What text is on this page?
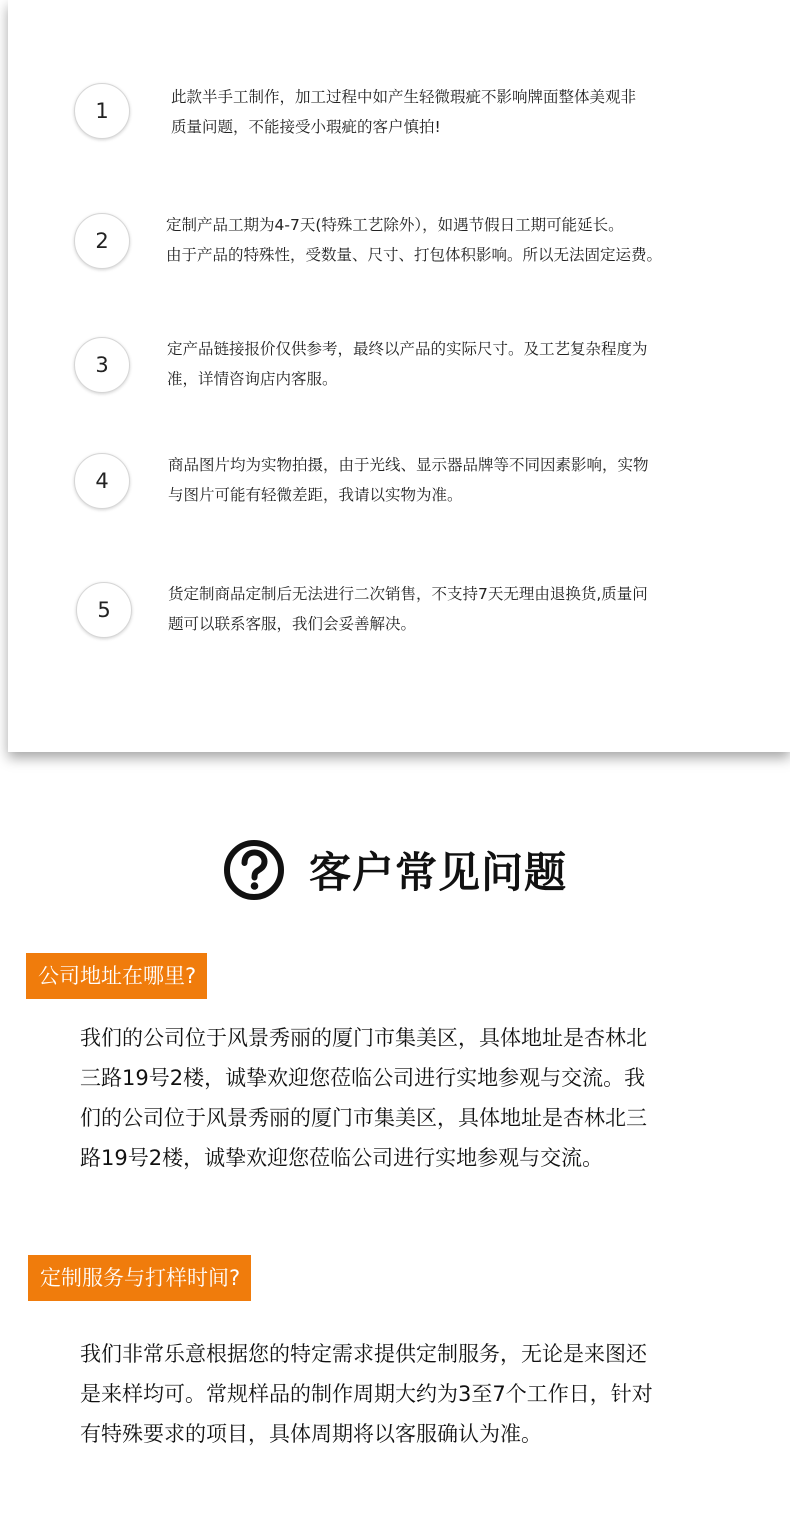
1
此款半手工制作，加工过程中如产生轻微瑕疵不影响牌面整体美观非
质量问题，不能接受小瑕疵的客户慎拍!
2
定制产品工期为4-7天(特殊工艺除外），如遇节假日工期可能延长。
由于产品的特殊性，受数量、尺寸、打包体积影响。所以无法固定运费。
3
定产品链接报价仅供参考，最终以产品的实际尺寸。及工艺复杂程度为
准，详情咨询店内客服。
4
商品图片均为实物拍摄，由于光线、显示器品牌等不同因素影响，实物
与图片可能有轻微差距，我请以实物为准。
5
货定制商品定制后无法进行二次销售，不支持7天无理由退换货,质量问
题可以联系客服，我们会妥善解决。
客户常见问题
公司地址在哪里?
我们的公司位于风景秀丽的厦门市集美区，具体地址是杏林北
三路19号2楼，诚挚欢迎您莅临公司进行实地参观与交流。我
们的公司位于风景秀丽的厦门市集美区，具体地址是杏林北三
路19号2楼，诚挚欢迎您莅临公司进行实地参观与交流。
定制服务与打样时间?
我们非常乐意根据您的特定需求提供定制服务，无论是来图还
是来样均可。常规样品的制作周期大约为3至7个工作日，针对
有特殊要求的项目，具体周期将以客服确认为准。
